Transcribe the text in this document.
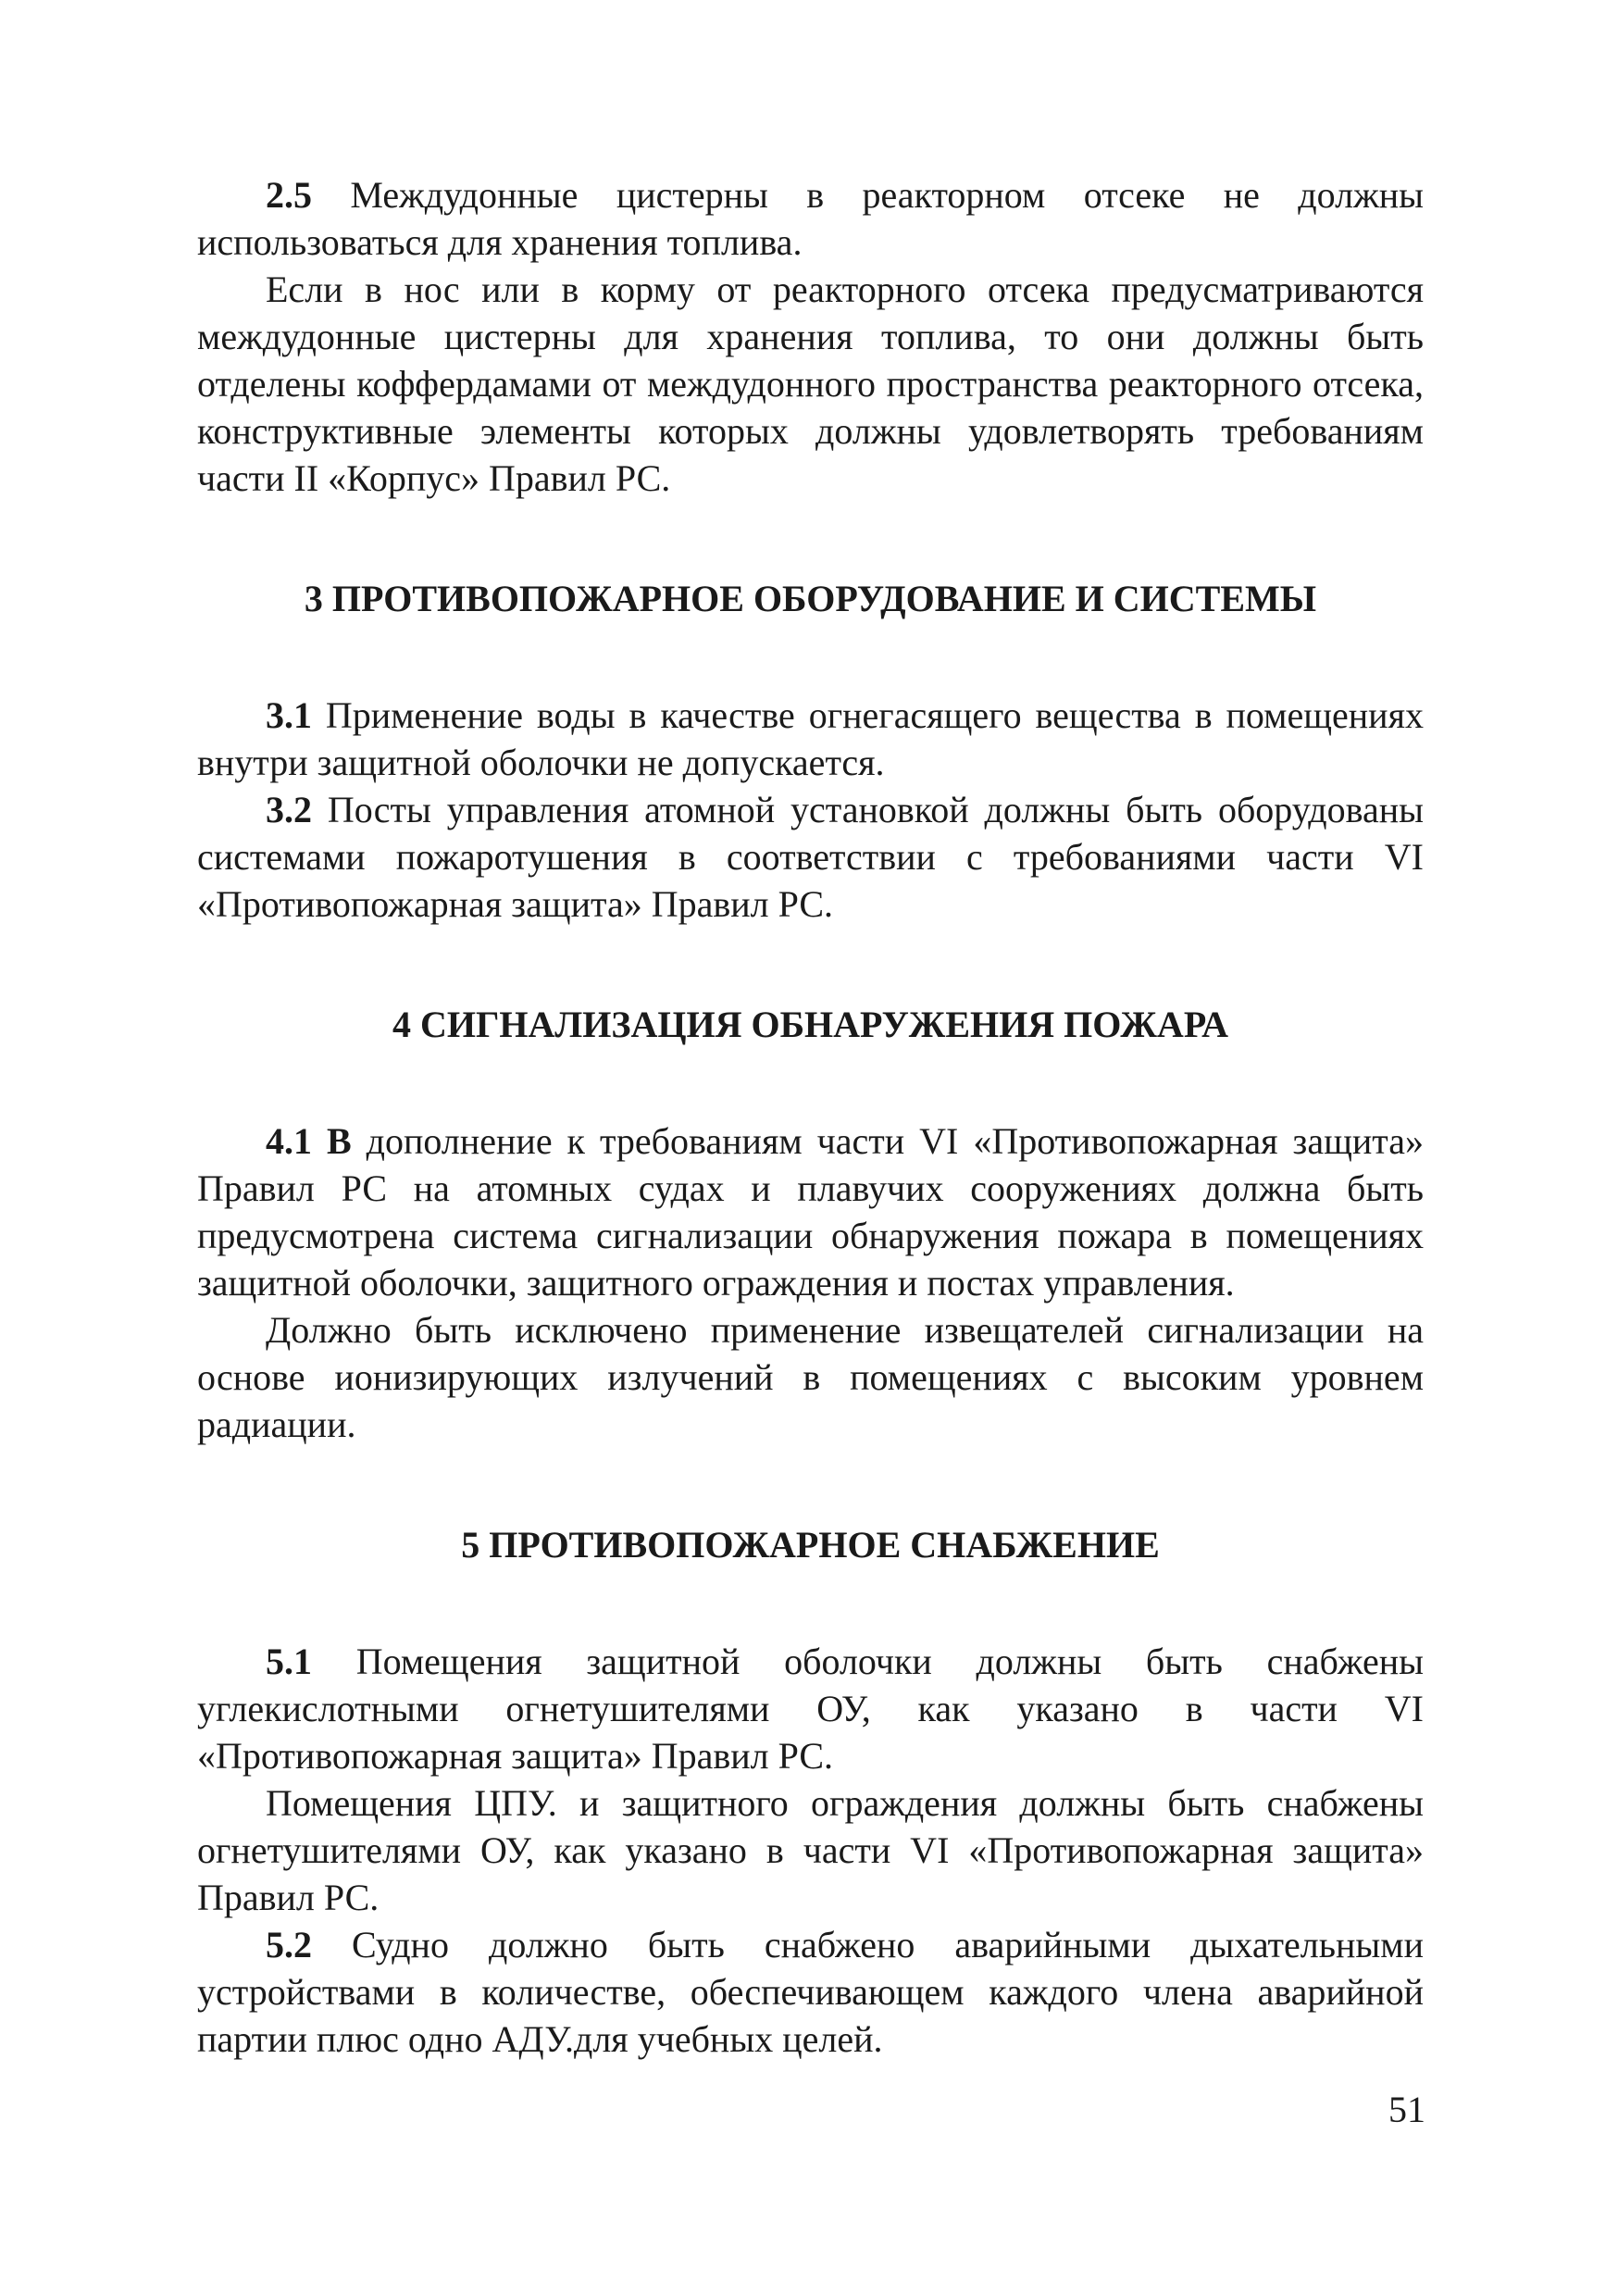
2.5 Междудонные цистерны в реакторном отсеке не должны использоваться для хранения топлива.

Если в нос или в корму от реакторного отсека предусматриваются междудонные цистерны для хранения топлива, то они должны быть отделены коффердамами от междудонного пространства реакторного отсека, конструктивные элементы которых должны удовлетворять требованиям части II «Корпус» Правил РС.

3 ПРОТИВОПОЖАРНОЕ ОБОРУДОВАНИЕ И СИСТЕМЫ

3.1 Применение воды в качестве огнегасящего вещества в помещениях внутри защитной оболочки не допускается.

3.2 Посты управления атомной установкой должны быть оборудованы системами пожаротушения в соответствии с требованиями части VI «Противопожарная защита» Правил РС.

4 СИГНАЛИЗАЦИЯ ОБНАРУЖЕНИЯ ПОЖАРА

4.1 В дополнение к требованиям части VI «Противопожарная защита» Правил РС на атомных судах и плавучих сооружениях должна быть предусмотрена система сигнализации обнаружения пожара в помещениях защитной оболочки, защитного ограждения и постах управления.

Должно быть исключено применение извещателей сигнализации на основе ионизирующих излучений в помещениях с высоким уровнем радиации.

5 ПРОТИВОПОЖАРНОЕ СНАБЖЕНИЕ

5.1 Помещения защитной оболочки должны быть снабжены углекислотными огнетушителями ОУ, как указано в части VI «Противопожарная защита» Правил РС.

Помещения ЦПУ. и защитного ограждения должны быть снабжены огнетушителями ОУ, как указано в части VI «Противопожарная защита» Правил РС.

5.2 Судно должно быть снабжено аварийными дыхательными устройствами в количестве, обеспечивающем каждого члена аварийной партии плюс одно АДУ.для учебных целей.

51
